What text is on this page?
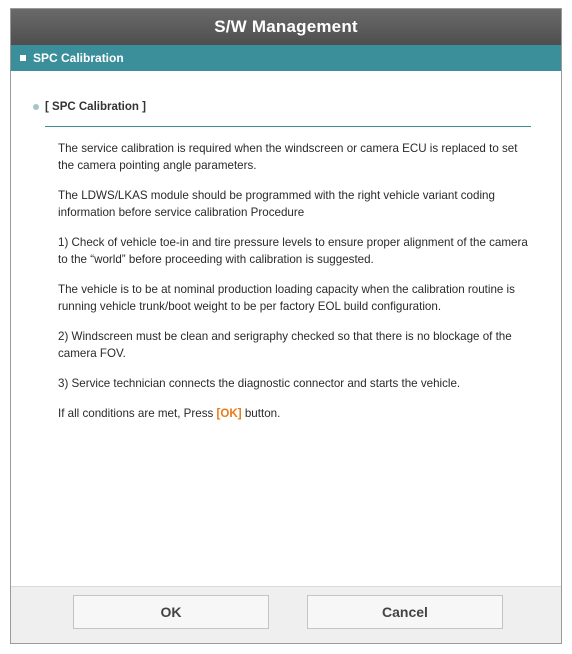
S/W Management
SPC Calibration
[ SPC Calibration ]

The service calibration is required when the windscreen or camera ECU is replaced to set the camera pointing angle parameters.

The LDWS/LKAS module should be programmed with the right vehicle variant coding information before service calibration Procedure

1) Check of vehicle toe-in and tire pressure levels to ensure proper alignment of the camera to the “world” before proceeding with calibration is suggested.

The vehicle is to be at nominal production loading capacity when the calibration routine is running vehicle trunk/boot weight to be per factory EOL build configuration.

2) Windscreen must be clean and serigraphy checked so that there is no blockage of the camera FOV.

3) Service technician connects the diagnostic connector and starts the vehicle.

If all conditions are met, Press [OK] button.

OK	Cancel
